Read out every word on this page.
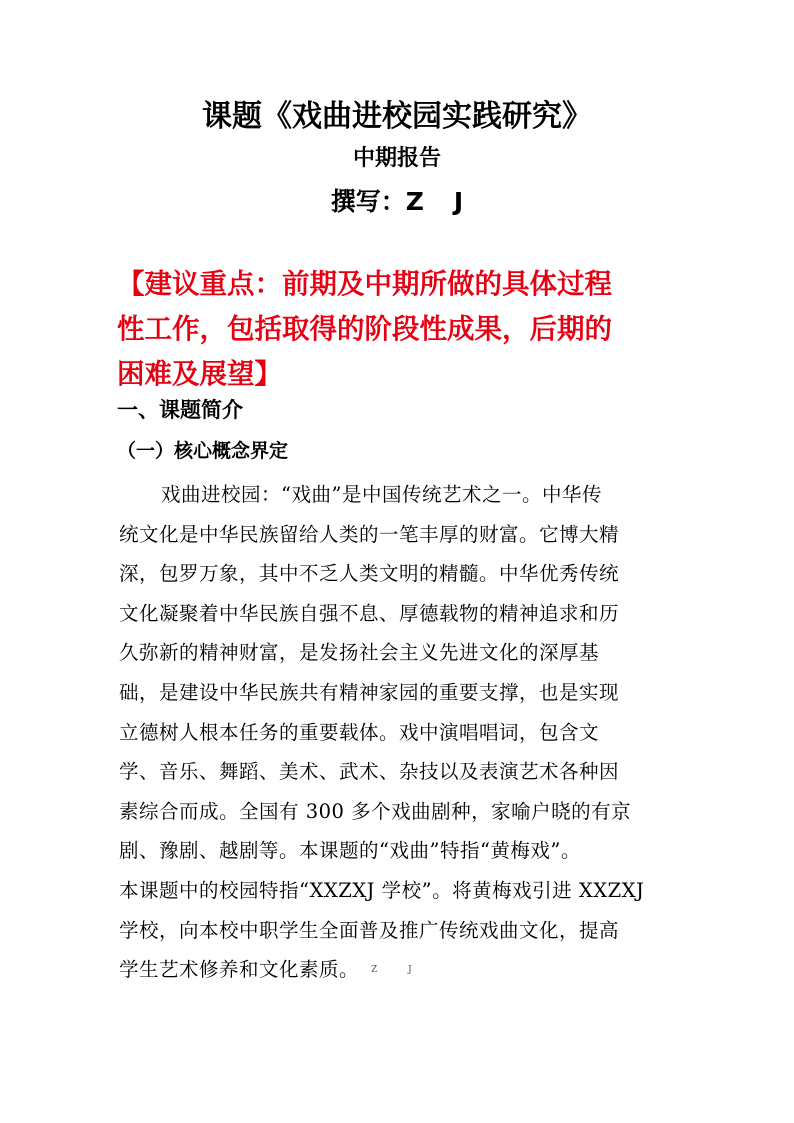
课题《戏曲进校园实践研究》
中期报告
撰写：Z J
【建议重点：前期及中期所做的具体过程
性工作，包括取得的阶段性成果，后期的
困难及展望】
一、课题简介
（一）核心概念界定
戏曲进校园：“戏曲”是中国传统艺术之一。中华传
统文化是中华民族留给人类的一笔丰厚的财富。它博大精
深，包罗万象，其中不乏人类文明的精髓。中华优秀传统
文化凝聚着中华民族自强不息、厚德载物的精神追求和历
久弥新的精神财富，是发扬社会主义先进文化的深厚基
础，是建设中华民族共有精神家园的重要支撑，也是实现
立德树人根本任务的重要载体。戏中演唱唱词，包含文
学、音乐、舞蹈、美术、武术、杂技以及表演艺术各种因
素综合而成。全国有 300 多个戏曲剧种，家喻户晓的有京
剧、豫剧、越剧等。本课题的“戏曲”特指“黄梅戏”。
本课题中的校园特指“XXZXJ 学校”。将黄梅戏引进 XXZXJ
学校，向本校中职学生全面普及推广传统戏曲文化，提高
学生艺术修养和文化素质。 Z J
